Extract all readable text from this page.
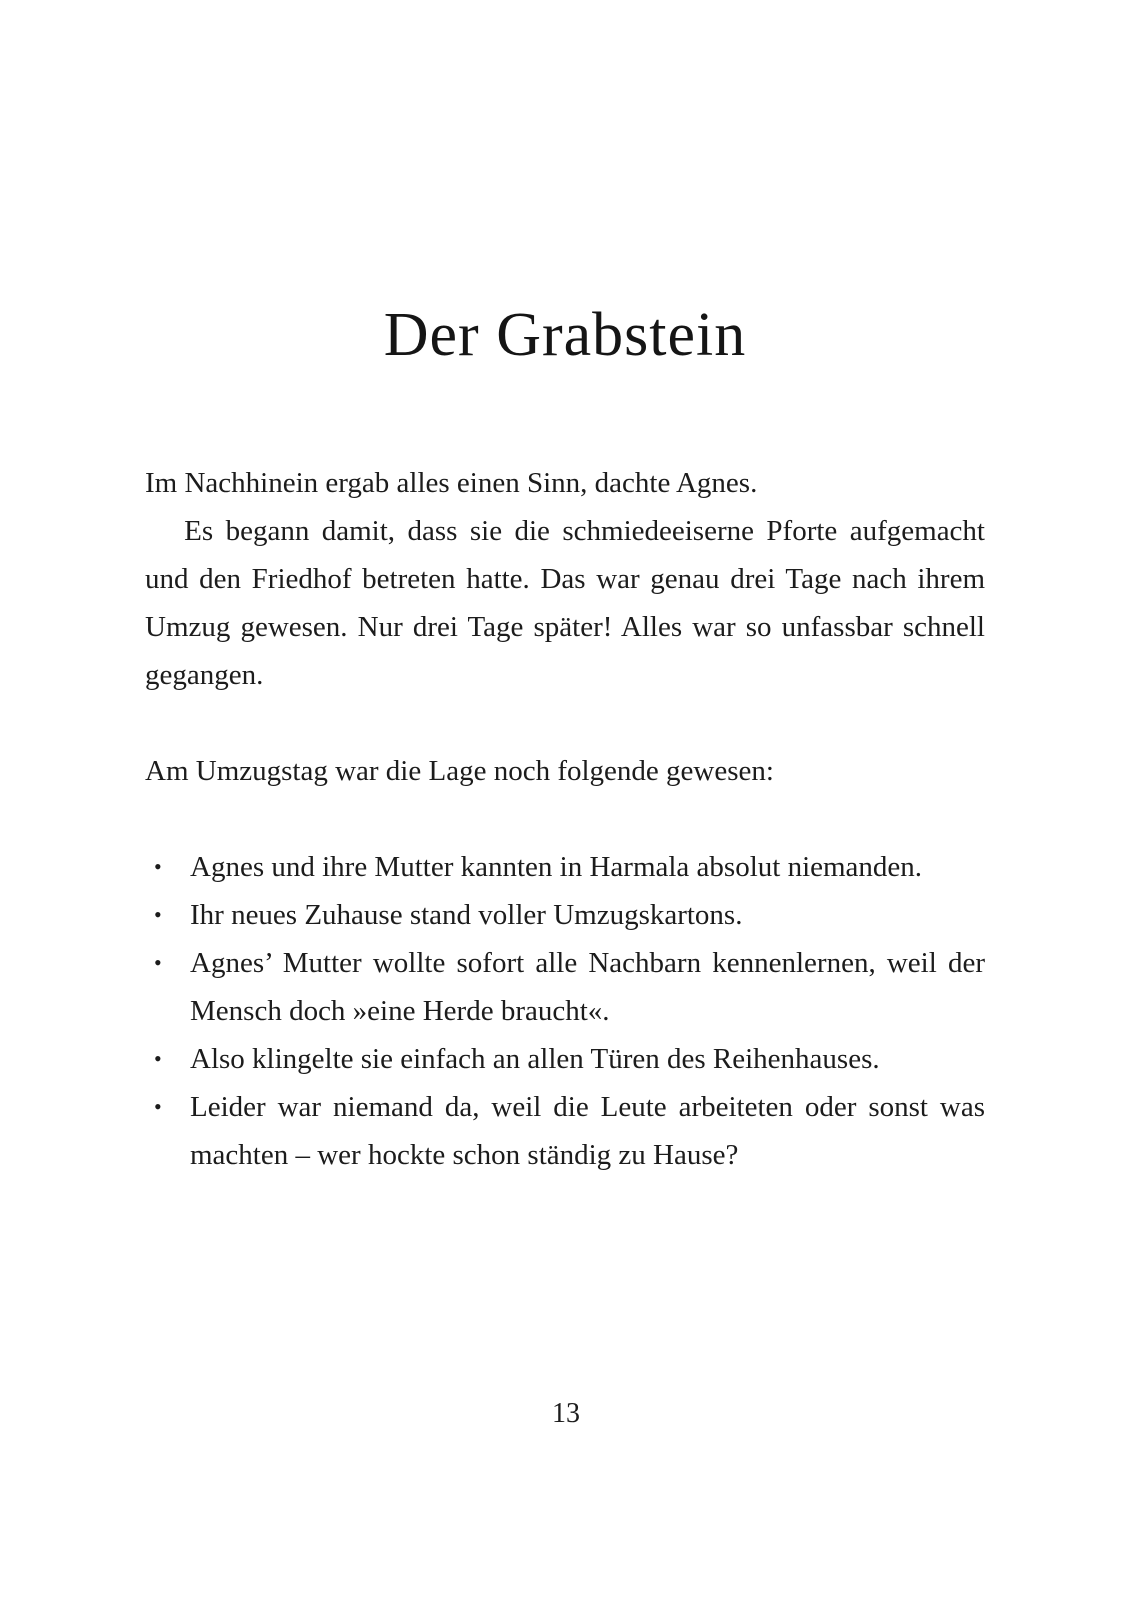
Der Grabstein

Im Nachhinein ergab alles einen Sinn, dachte Agnes.

Es begann damit, dass sie die schmiedeeiserne Pforte aufgemacht und den Friedhof betreten hatte. Das war genau drei Tage nach ihrem Umzug gewesen. Nur drei Tage später! Alles war so unfassbar schnell gegangen.

Am Umzugstag war die Lage noch folgende gewesen:

• Agnes und ihre Mutter kannten in Harmala absolut niemanden.
• Ihr neues Zuhause stand voller Umzugskartons.
• Agnes’ Mutter wollte sofort alle Nachbarn kennenlernen, weil der Mensch doch »eine Herde braucht«.
• Also klingelte sie einfach an allen Türen des Reihenhauses.
• Leider war niemand da, weil die Leute arbeiteten oder sonst was machten – wer hockte schon ständig zu Hause?
13
